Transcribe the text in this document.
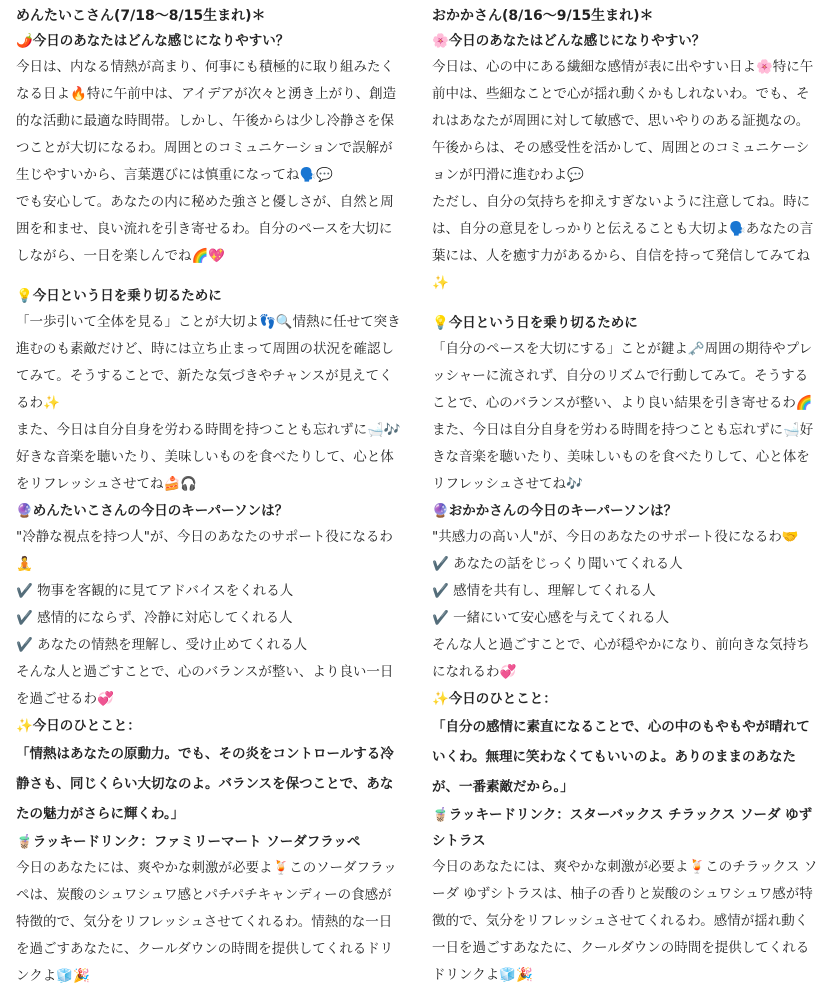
めんたいこさん(7/18〜8/15生まれ)＊
🌶️今日のあなたはどんな感じになりやすい？

今日は、内なる情熱が高まり、何事にも積極的に取り組みたくなる日よ🔥特に午前中は、アイデアが次々と湧き上がり、創造的な活動に最適な時間帯。しかし、午後からは少し冷静さを保つことが大切になるわ。周囲とのコミュニケーションで誤解が生じやすいから、言葉選びには慎重になってね🗣️💬

でも安心して。あなたの内に秘めた強さと優しさが、自然と周囲を和ませ、良い流れを引き寄せるわ。自分のペースを大切にしながら、一日を楽しんでね🌈💖

💡今日という日を乗り切るために

「一歩引いて全体を見る」ことが大切よ👣🔍情熱に任せて突き進むのも素敵だけど、時には立ち止まって周囲の状況を確認してみて。そうすることで、新たな気づきやチャンスが見えてくるわ✨

また、今日は自分自身を労わる時間を持つことも忘れずに🛁🎶好きな音楽を聴いたり、美味しいものを食べたりして、心と体をリフレッシュさせてね🍰🎧

🔮めんたいこさんの今日のキーパーソンは？

"冷静な視点を持つ人"が、今日のあなたのサポート役になるわ🧘

✔️ 物事を客観的に見てアドバイスをくれる人

✔️ 感情的にならず、冷静に対応してくれる人

✔️ あなたの情熱を理解し、受け止めてくれる人

そんな人と過ごすことで、心のバランスが整い、より良い一日を過ごせるわ💞

✨今日のひとこと：

「情熱はあなたの原動力。でも、その炎をコントロールする冷静さも、同じくらい大切なのよ。バランスを保つことで、あなたの魅力がさらに輝くわ。」

🧋ラッキードリンク：ファミリーマート ソーダフラッペ

今日のあなたには、爽やかな刺激が必要よ🍹このソーダフラッペは、炭酸のシュワシュワ感とパチパチキャンディーの食感が特徴的で、気分をリフレッシュさせてくれるわ。情熱的な一日を過ごすあなたに、クールダウンの時間を提供してくれるドリンクよ🧊🎉

おかかさん(8/16〜9/15生まれ)＊
🌸今日のあなたはどんな感じになりやすい？

今日は、心の中にある繊細な感情が表に出やすい日よ🌸特に午前中は、些細なことで心が揺れ動くかもしれないわ。でも、それはあなたが周囲に対して敏感で、思いやりのある証拠なの。午後からは、その感受性を活かして、周囲とのコミュニケーションが円滑に進むわよ💬

ただし、自分の気持ちを抑えすぎないように注意してね。時には、自分の意見をしっかりと伝えることも大切よ🗣️あなたの言葉には、人を癒す力があるから、自信を持って発信してみてね✨

💡今日という日を乗り切るために

「自分のペースを大切にする」ことが鍵よ🗝️周囲の期待やプレッシャーに流されず、自分のリズムで行動してみて。そうすることで、心のバランスが整い、より良い結果を引き寄せるわ🌈

また、今日は自分自身を労わる時間を持つことも忘れずに🛁好きな音楽を聴いたり、美味しいものを食べたりして、心と体をリフレッシュさせてね🎶

🔮おかかさんの今日のキーパーソンは？

"共感力の高い人"が、今日のあなたのサポート役になるわ🤝

✔️ あなたの話をじっくり聞いてくれる人

✔️ 感情を共有し、理解してくれる人

✔️ 一緒にいて安心感を与えてくれる人

そんな人と過ごすことで、心が穏やかになり、前向きな気持ちになれるわ💞

✨今日のひとこと：

「自分の感情に素直になることで、心の中のもやもやが晴れていくわ。無理に笑わなくてもいいのよ。ありのままのあなたが、一番素敵だから。」

🧋ラッキードリンク：スターバックス チラックス ソーダ ゆずシトラス

今日のあなたには、爽やかな刺激が必要よ🍹このチラックス ソーダ ゆずシトラスは、柚子の香りと炭酸のシュワシュワ感が特徴的で、気分をリフレッシュさせてくれるわ。感情が揺れ動く一日を過ごすあなたに、クールダウンの時間を提供してくれるドリンクよ🧊🎉
